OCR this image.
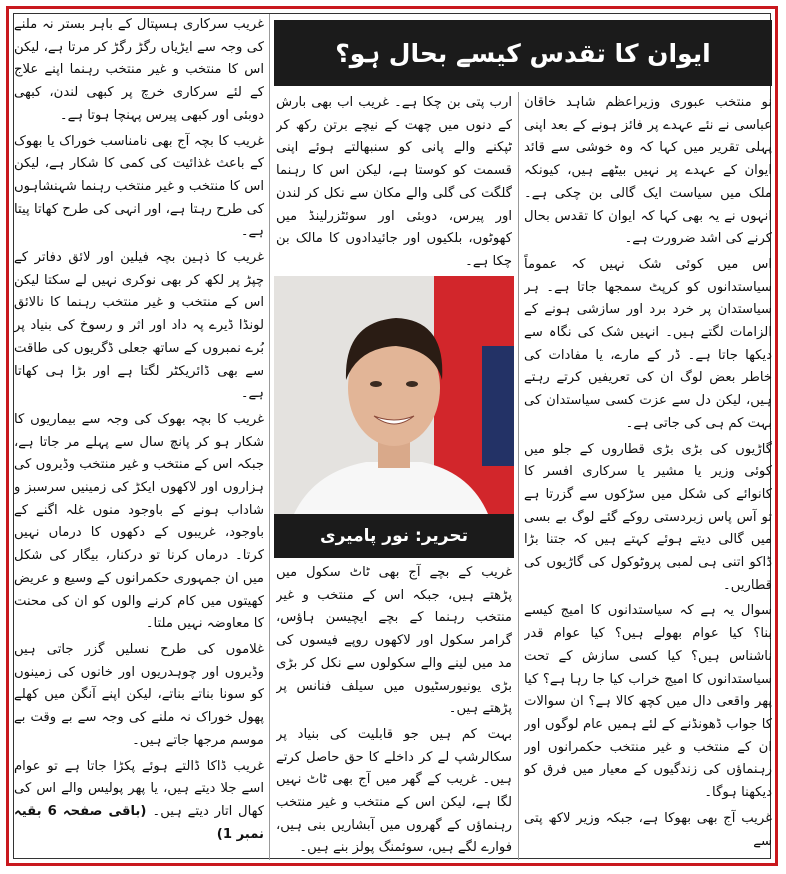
ایوان کا تقدس کیسے بحال ہو؟

نو منتخب عبوری وزیراعظم شاہد خاقان عباسی نے نئے عہدے پر فائز ہونے کے بعد اپنی پہلی تقریر میں کہا کہ وہ خوشی سے قائد ایوان کے عہدے پر نہیں بیٹھے ہیں، کیونکہ ملک میں سیاست ایک گالی بن چکی ہے۔ انہوں نے یہ بھی کہا کہ ایوان کا تقدس بحال کرنے کی اشد ضرورت ہے۔

اس میں کوئی شک نہیں کہ عموماً سیاستدانوں کو کرپٹ سمجھا جاتا ہے۔ ہر سیاستدان پر خرد برد اور سازشی ہونے کے الزامات لگتے ہیں۔ انہیں شک کی نگاہ سے دیکھا جاتا ہے۔ ڈر کے مارے، یا مفادات کی خاطر بعض لوگ ان کی تعریفیں کرتے رہتے ہیں، لیکن دل سے عزت کسی سیاستدان کی بہت کم ہی کی جاتی ہے۔

گاڑیوں کی بڑی بڑی قطاروں کے جلو میں کوئی وزیر یا مشیر یا سرکاری افسر کا کانوائے کی شکل میں سڑکوں سے گزرتا ہے تو آس پاس زبردستی روکے گئے لوگ بے بسی میں گالی دیتے ہوئے کہتے ہیں کہ جتنا بڑا ڈاکو اتنی ہی لمبی پروٹوکول کی گاڑیوں کی قطاریں۔

سوال یہ ہے کہ سیاستدانوں کا امیج کیسے بنا؟ کیا عوام بھولے ہیں؟ کیا عوام قدر ناشناس ہیں؟ کیا کسی سازش کے تحت سیاستدانوں کا امیج خراب کیا جا رہا ہے؟ کیا پھر واقعی دال میں کچھ کالا ہے؟ ان سوالات کا جواب ڈھونڈنے کے لئے ہمیں عام لوگوں اور ان کے منتخب و غیر منتخب حکمرانوں اور رہنماؤں کی زندگیوں کے معیار میں فرق کو دیکھنا ہوگا۔

غریب آج بھی بھوکا ہے، جبکہ وزیر لاکھ پتی سے

ارب پتی بن چکا ہے۔ غریب اب بھی بارش کے دنوں میں چھت کے نیچے برتن رکھ کر ٹپکنے والے پانی کو سنبھالتے ہوئے اپنی قسمت کو کوستا ہے، لیکن اس کا رہنما گلگت کی گلی والے مکان سے نکل کر لندن اور پیرس، دوبئی اور سوئٹزرلینڈ میں کھوٹوں، بلکیوں اور جائیدادوں کا مالک بن چکا ہے۔

تحریر: نور پامیری

غریب کے بچے آج بھی ٹاٹ سکول میں پڑھتے ہیں، جبکہ اس کے منتخب و غیر منتخب رہنما کے بچے ایچیسن ہاؤس، گرامر سکول اور لاکھوں روپے فیسوں کی مد میں لینے والے سکولوں سے نکل کر بڑی بڑی یونیورسٹیوں میں سیلف فنانس پر پڑھتے ہیں۔

بہت کم ہیں جو قابلیت کی بنیاد پر سکالرشپ لے کر داخلے کا حق حاصل کرتے ہیں۔ غریب کے گھر میں آج بھی ٹاٹ نہیں لگا ہے، لیکن اس کے منتخب و غیر منتخب رہنماؤں کے گھروں میں آبشاریں بنی ہیں، فوارے لگے ہیں، سوئمنگ پولز بنے ہیں۔

غریب سرکاری ہسپتال کے باہر بستر نہ ملنے کی وجہ سے ایڑیاں رگڑ رگڑ کر مرتا ہے، لیکن اس کا منتخب و غیر منتخب رہنما اپنے علاج کے لئے سرکاری خرچ پر کبھی لندن، کبھی دوبئی اور کبھی پیرس پہنچا ہوتا ہے۔

غریب کا بچہ آج بھی نامناسب خوراک یا بھوک کے باعث غذائیت کی کمی کا شکار ہے، لیکن اس کا منتخب و غیر منتخب رہنما شہنشاہوں کی طرح رہتا ہے، اور انہی کی طرح کھاتا پیتا ہے۔

غریب کا ذہین بچہ فیلین اور لائق دفاتر کے چپڑ پر لکھ کر بھی نوکری نہیں لے سکتا لیکن اس کے منتخب و غیر منتخب رہنما کا نالائق لونڈا ڈیرے پہ داد اور اثر و رسوخ کی بنیاد پر بُرے نمبروں کے ساتھ جعلی ڈگریوں کی طاقت سے بھی ڈائریکٹر لگتا ہے اور بڑا ہی کھاتا ہے۔

غریب کا بچہ بھوک کی وجہ سے بیماریوں کا شکار ہو کر پانچ سال سے پہلے مر جاتا ہے، جبکہ اس کے منتخب و غیر منتخب وڈیروں کی ہزاروں اور لاکھوں ایکڑ کی زمینیں سرسبز و شاداب ہونے کے باوجود منوں غلہ اگنے کے باوجود، غریبوں کے دکھوں کا درماں نہیں کرتا۔ درماں کرنا تو درکنار، بیگار کی شکل میں ان جمہوری حکمرانوں کے وسیع و عریض کھیتوں میں کام کرنے والوں کو ان کی محنت کا معاوضہ نہیں ملتا۔

غلاموں کی طرح نسلیں گزر جاتی ہیں وڈیروں اور چوہدریوں اور خانوں کی زمینوں کو سونا بناتے بناتے، لیکن اپنے آنگن میں کھلے پھول خوراک نہ ملنے کی وجہ سے بے وقت بے موسم مرجھا جاتے ہیں۔

غریب ڈاکا ڈالتے ہوئے پکڑا جاتا ہے تو عوام اسے جلا دیتے ہیں، یا پھر پولیس والے اس کی کھال اتار دیتے ہیں۔ (باقی صفحہ 6 بقیہ نمبر 1)
